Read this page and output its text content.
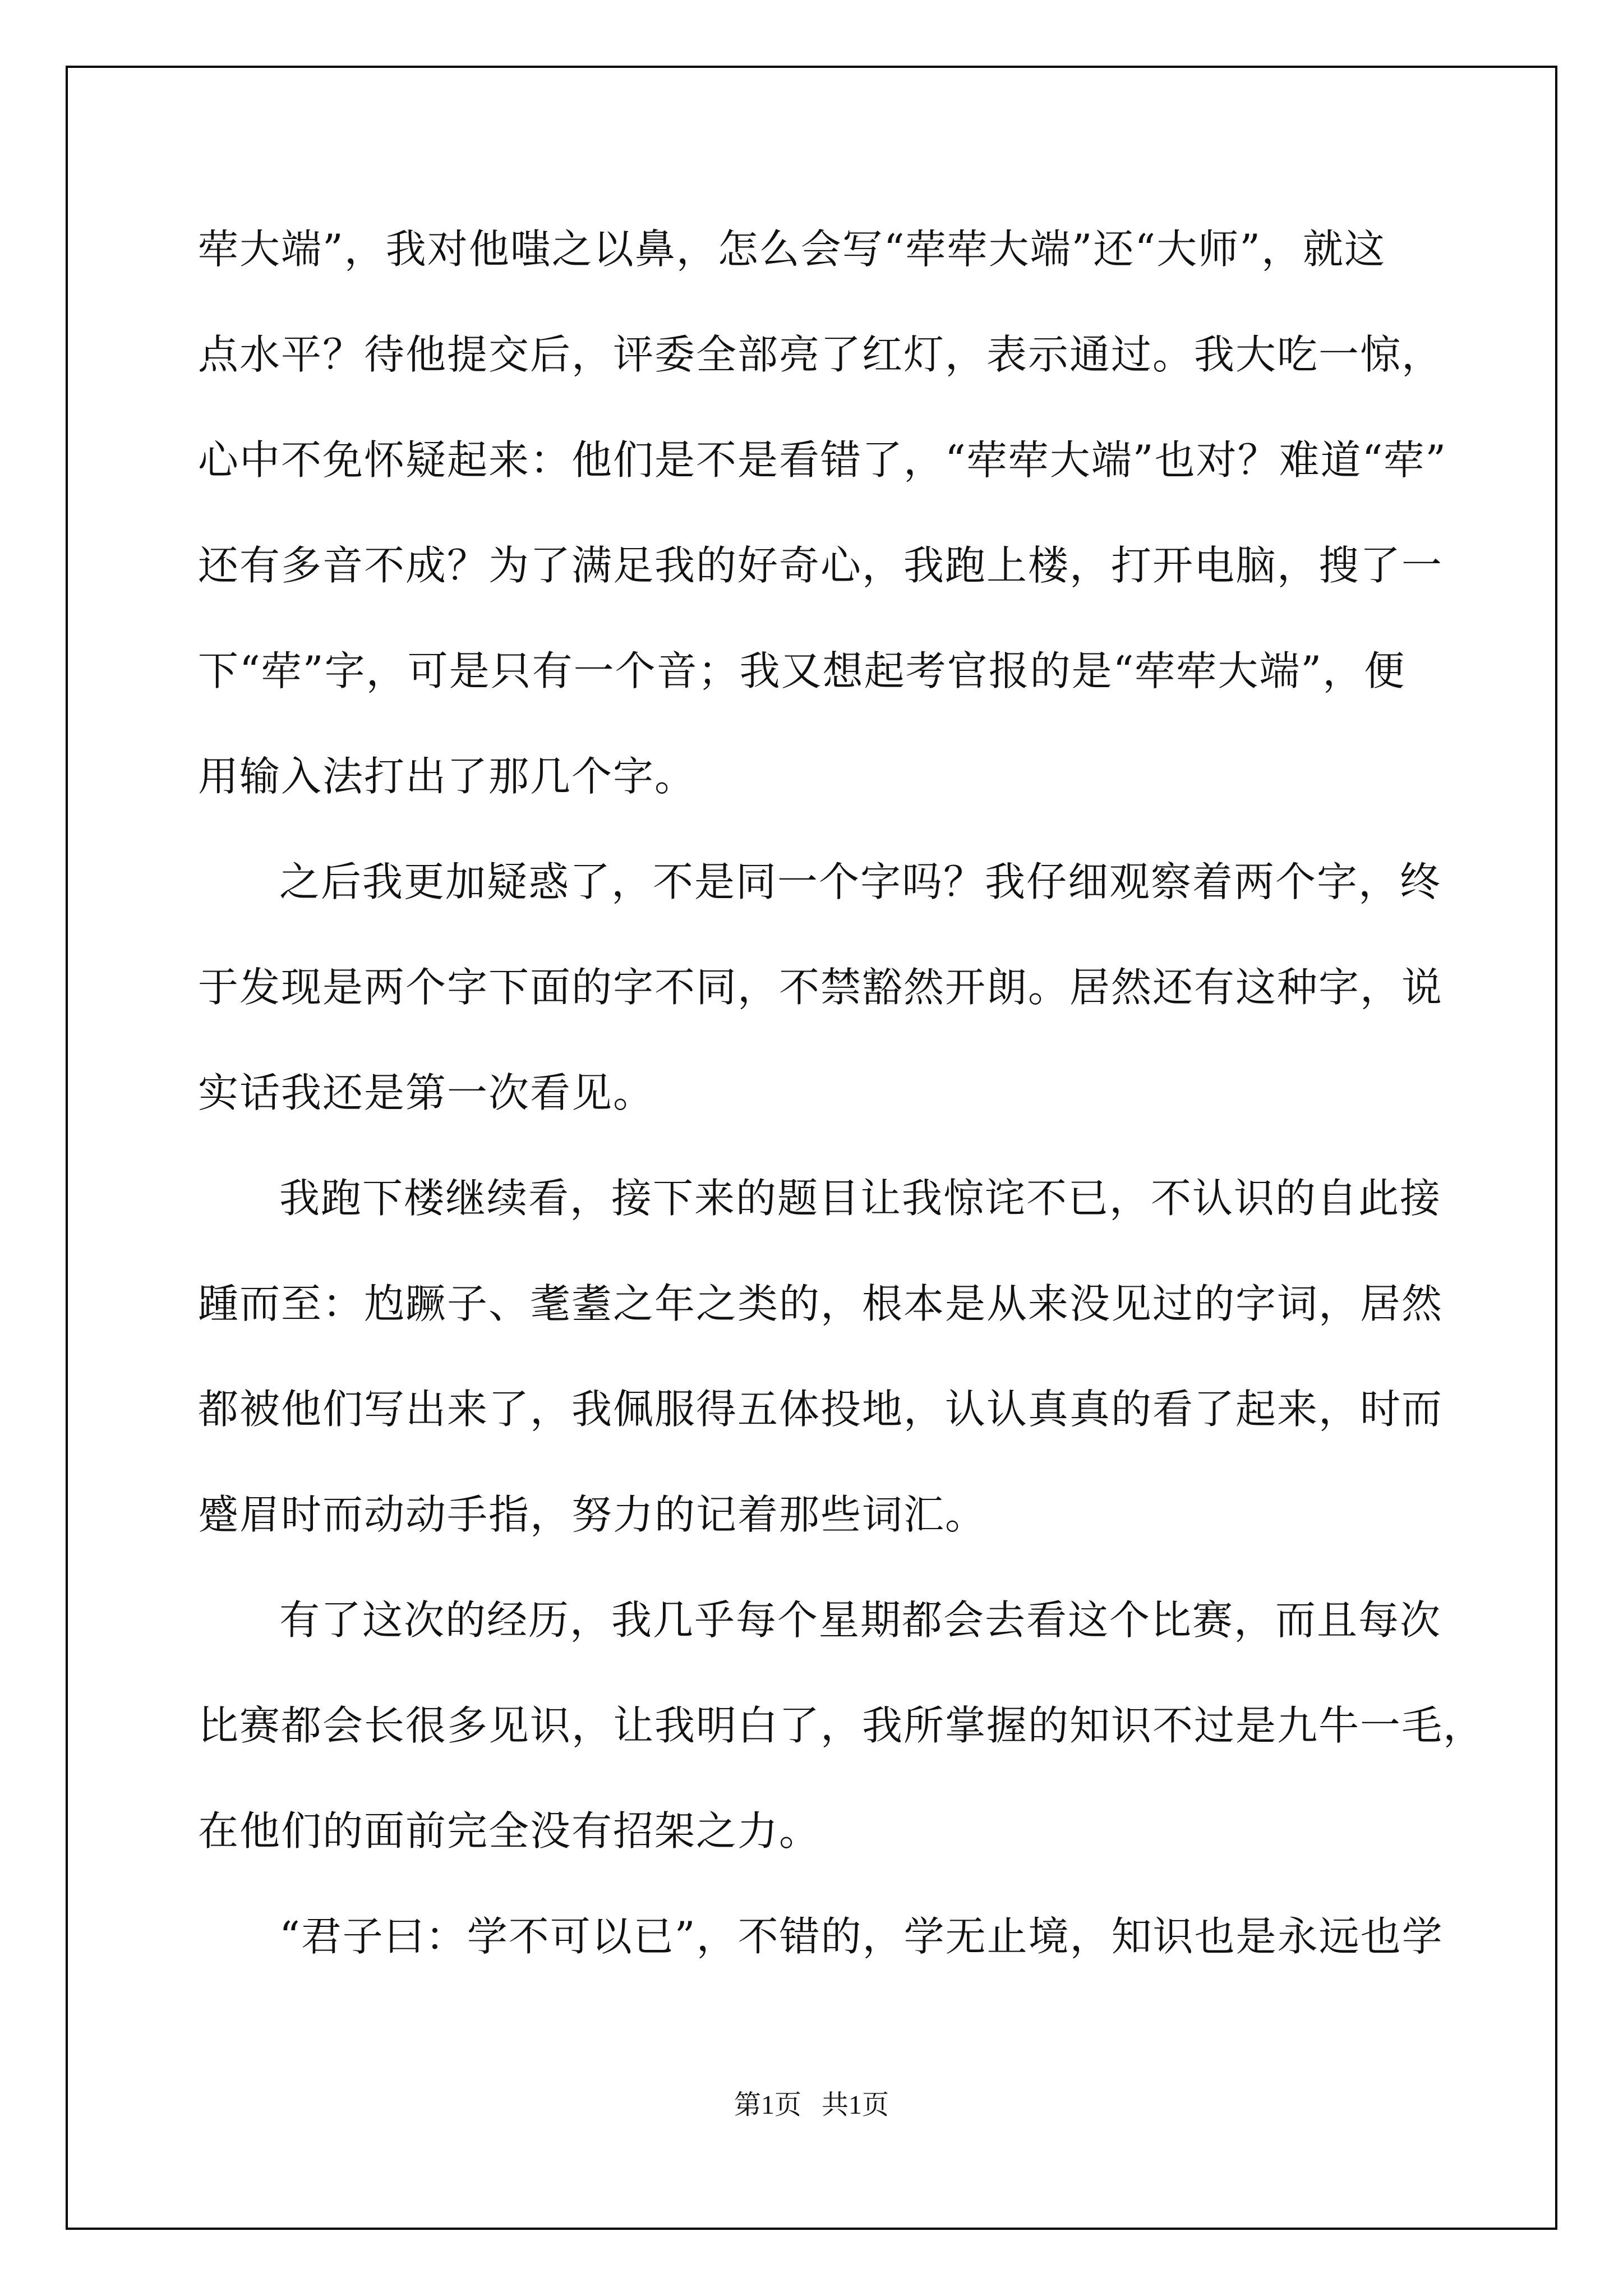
荦大端”，我对他嗤之以鼻，怎么会写“荦荦大端”还“大师”，就这
点水平？待他提交后，评委全部亮了红灯，表示通过。我大吃一惊，
心中不免怀疑起来：他们是不是看错了，“荦荦大端”也对？难道“荦”
还有多音不成？为了满足我的好奇心，我跑上楼，打开电脑，搜了一
下“荦”字，可是只有一个音；我又想起考官报的是“荦荦大端”，便
用输入法打出了那几个字。
之后我更加疑惑了，不是同一个字吗？我仔细观察着两个字，终
于发现是两个字下面的字不同，不禁豁然开朗。居然还有这种字，说
实话我还是第一次看见。
我跑下楼继续看，接下来的题目让我惊诧不已，不认识的自此接
踵而至：尥蹶子、耄耋之年之类的，根本是从来没见过的字词，居然
都被他们写出来了，我佩服得五体投地，认认真真的看了起来，时而
蹙眉时而动动手指，努力的记着那些词汇。
有了这次的经历，我几乎每个星期都会去看这个比赛，而且每次
比赛都会长很多见识，让我明白了，我所掌握的知识不过是九牛一毛，
在他们的面前完全没有招架之力。
“君子曰：学不可以已”，不错的，学无止境，知识也是永远也学
第1页 共1页
